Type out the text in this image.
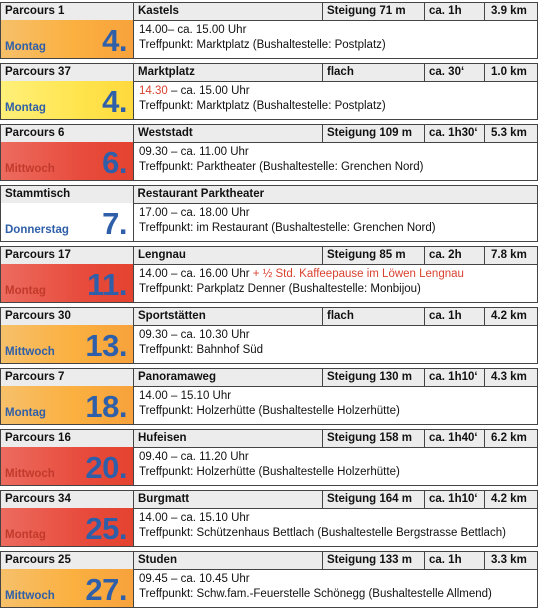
Parcours 1	Kastels	Steigung 71 m	ca. 1h	3.9 km
Montag 4. 14.00– ca. 15.00 Uhr
Treffpunkt: Marktplatz (Bushaltestelle: Postplatz)
Parcours 37	Marktplatz	flach	ca. 30‘	1.0 km
Montag 4. 14.30 – ca. 15.00 Uhr
Treffpunkt: Marktplatz (Bushaltestelle: Postplatz)
Parcours 6	Weststadt	Steigung 109 m	ca. 1h30‘	5.3 km
Mittwoch 6. 09.30 – ca. 11.00 Uhr
Treffpunkt: Parktheater (Bushaltestelle: Grenchen Nord)
Stammtisch	Restaurant Parktheater
Donnerstag 7. 17.00 – ca. 18.00 Uhr
Treffpunkt: im Restaurant (Bushaltestelle: Grenchen Nord)
Parcours 17	Lengnau	Steigung 85 m	ca. 2h	7.8 km
Montag 11. 14.00 – ca. 16.00 Uhr + ½ Std. Kaffeepause im Löwen Lengnau
Treffpunkt: Parkplatz Denner (Bushaltestelle: Monbijou)
Parcours 30	Sportstätten	flach	ca. 1h	4.2 km
Mittwoch 13. 09.30 – ca. 10.30 Uhr
Treffpunkt: Bahnhof Süd
Parcours 7	Panoramaweg	Steigung 130 m	ca. 1h10‘	4.3 km
Montag 18. 14.00 – 15.10 Uhr
Treffpunkt: Holzerhütte (Bushaltestelle Holzerhütte)
Parcours 16	Hufeisen	Steigung 158 m	ca. 1h40‘	6.2 km
Mittwoch 20. 09.40 – ca. 11.20 Uhr
Treffpunkt: Holzerhütte (Bushaltestelle Holzerhütte)
Parcours 34	Burgmatt	Steigung 164 m	ca. 1h10‘	4.2 km
Montag 25. 14.00 – ca. 15.10 Uhr
Treffpunkt: Schützenhaus Bettlach (Bushaltestelle Bergstrasse Bettlach)
Parcours 25	Studen	Steigung 133 m	ca. 1h	3.3 km
Mittwoch 27. 09.45 – ca. 10.45 Uhr
Treffpunkt: Schw.fam.-Feuerstelle Schönegg (Bushaltestelle Allmend)
